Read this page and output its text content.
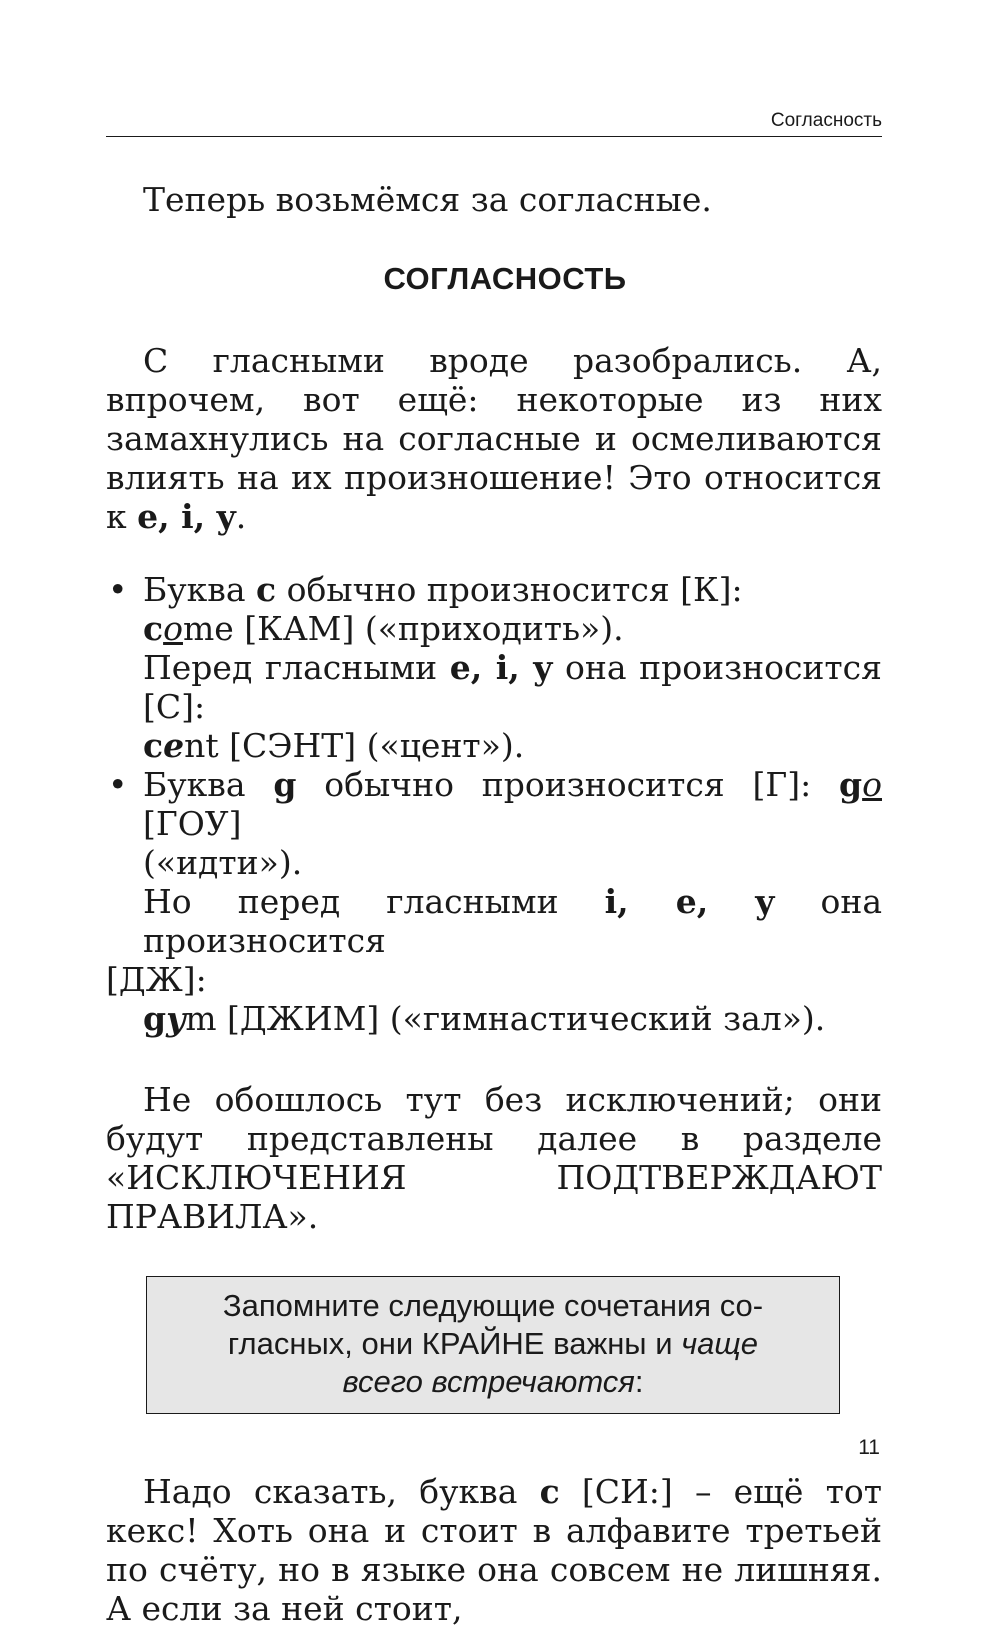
Согласность

Теперь возьмёмся за согласные.

СОГЛАСНОСТЬ

С гласными вроде разобрались. А, впрочем, вот ещё: некоторые из них замахнулись на согласные и осмеливаются влиять на их произношение! Это относится к e, i, y.

• Буква c обычно произносится [К]:
come [КАМ] («приходить»).
Перед гласными e, i, y она произносится [С]:
cent [СЭНТ] («цент»).
• Буква g обычно произносится [Г]: go [ГОУ]
(«идти»).
Но перед гласными i, e, y она произносится
[ДЖ]:
gym [ДЖИМ] («гимнастический зал»).

Не обошлось тут без исключений; они будут представлены далее в разделе «ИСКЛЮЧЕНИЯ ПОДТВЕРЖДАЮТ ПРАВИЛА».

Запомните следующие сочетания со-
гласных, они КРАЙНЕ важны и чаще
всего встречаются:

Надо сказать, буква c [СИ:] – ещё тот кекс! Хоть она и стоит в алфавите третьей по счёту, но в языке она совсем не лишняя. А если за ней стоит,

11
